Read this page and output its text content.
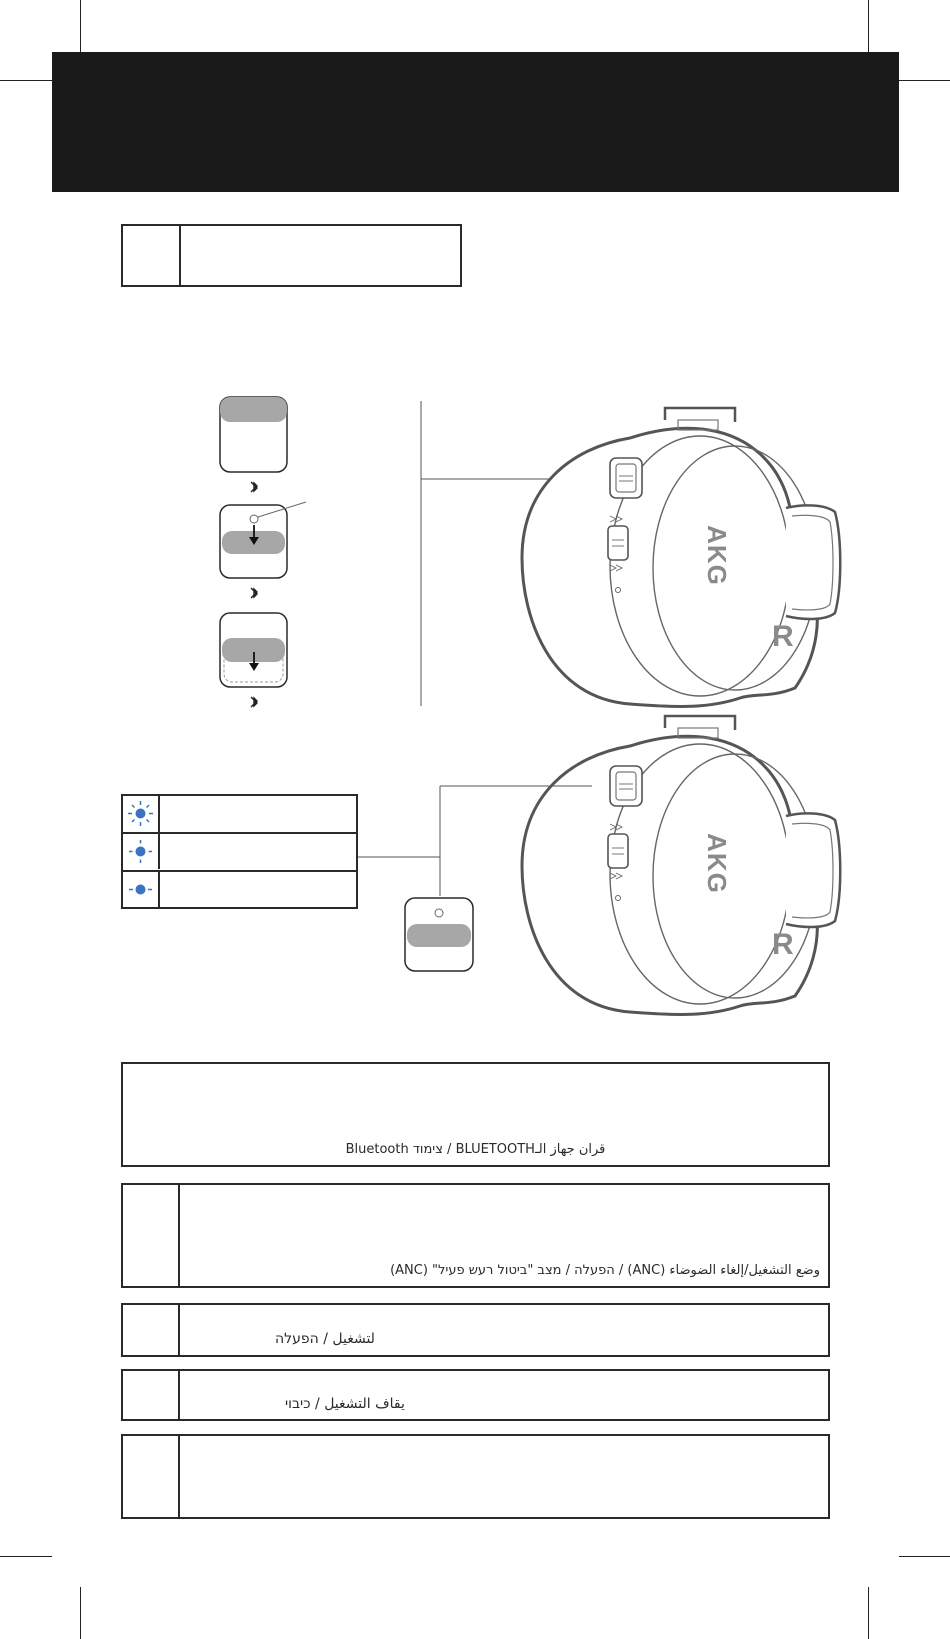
AKG
R
AKG
R
قران جهاز الـBLUETOOTH / צימוד Bluetooth
وضع التشغيل/إلغاء الضوضاء (ANC) / הפעלה / מצב "ביטול רעש פעיל" (ANC)
لتشغيل / הפעלה
يقاف التشغيل / כיבוי
